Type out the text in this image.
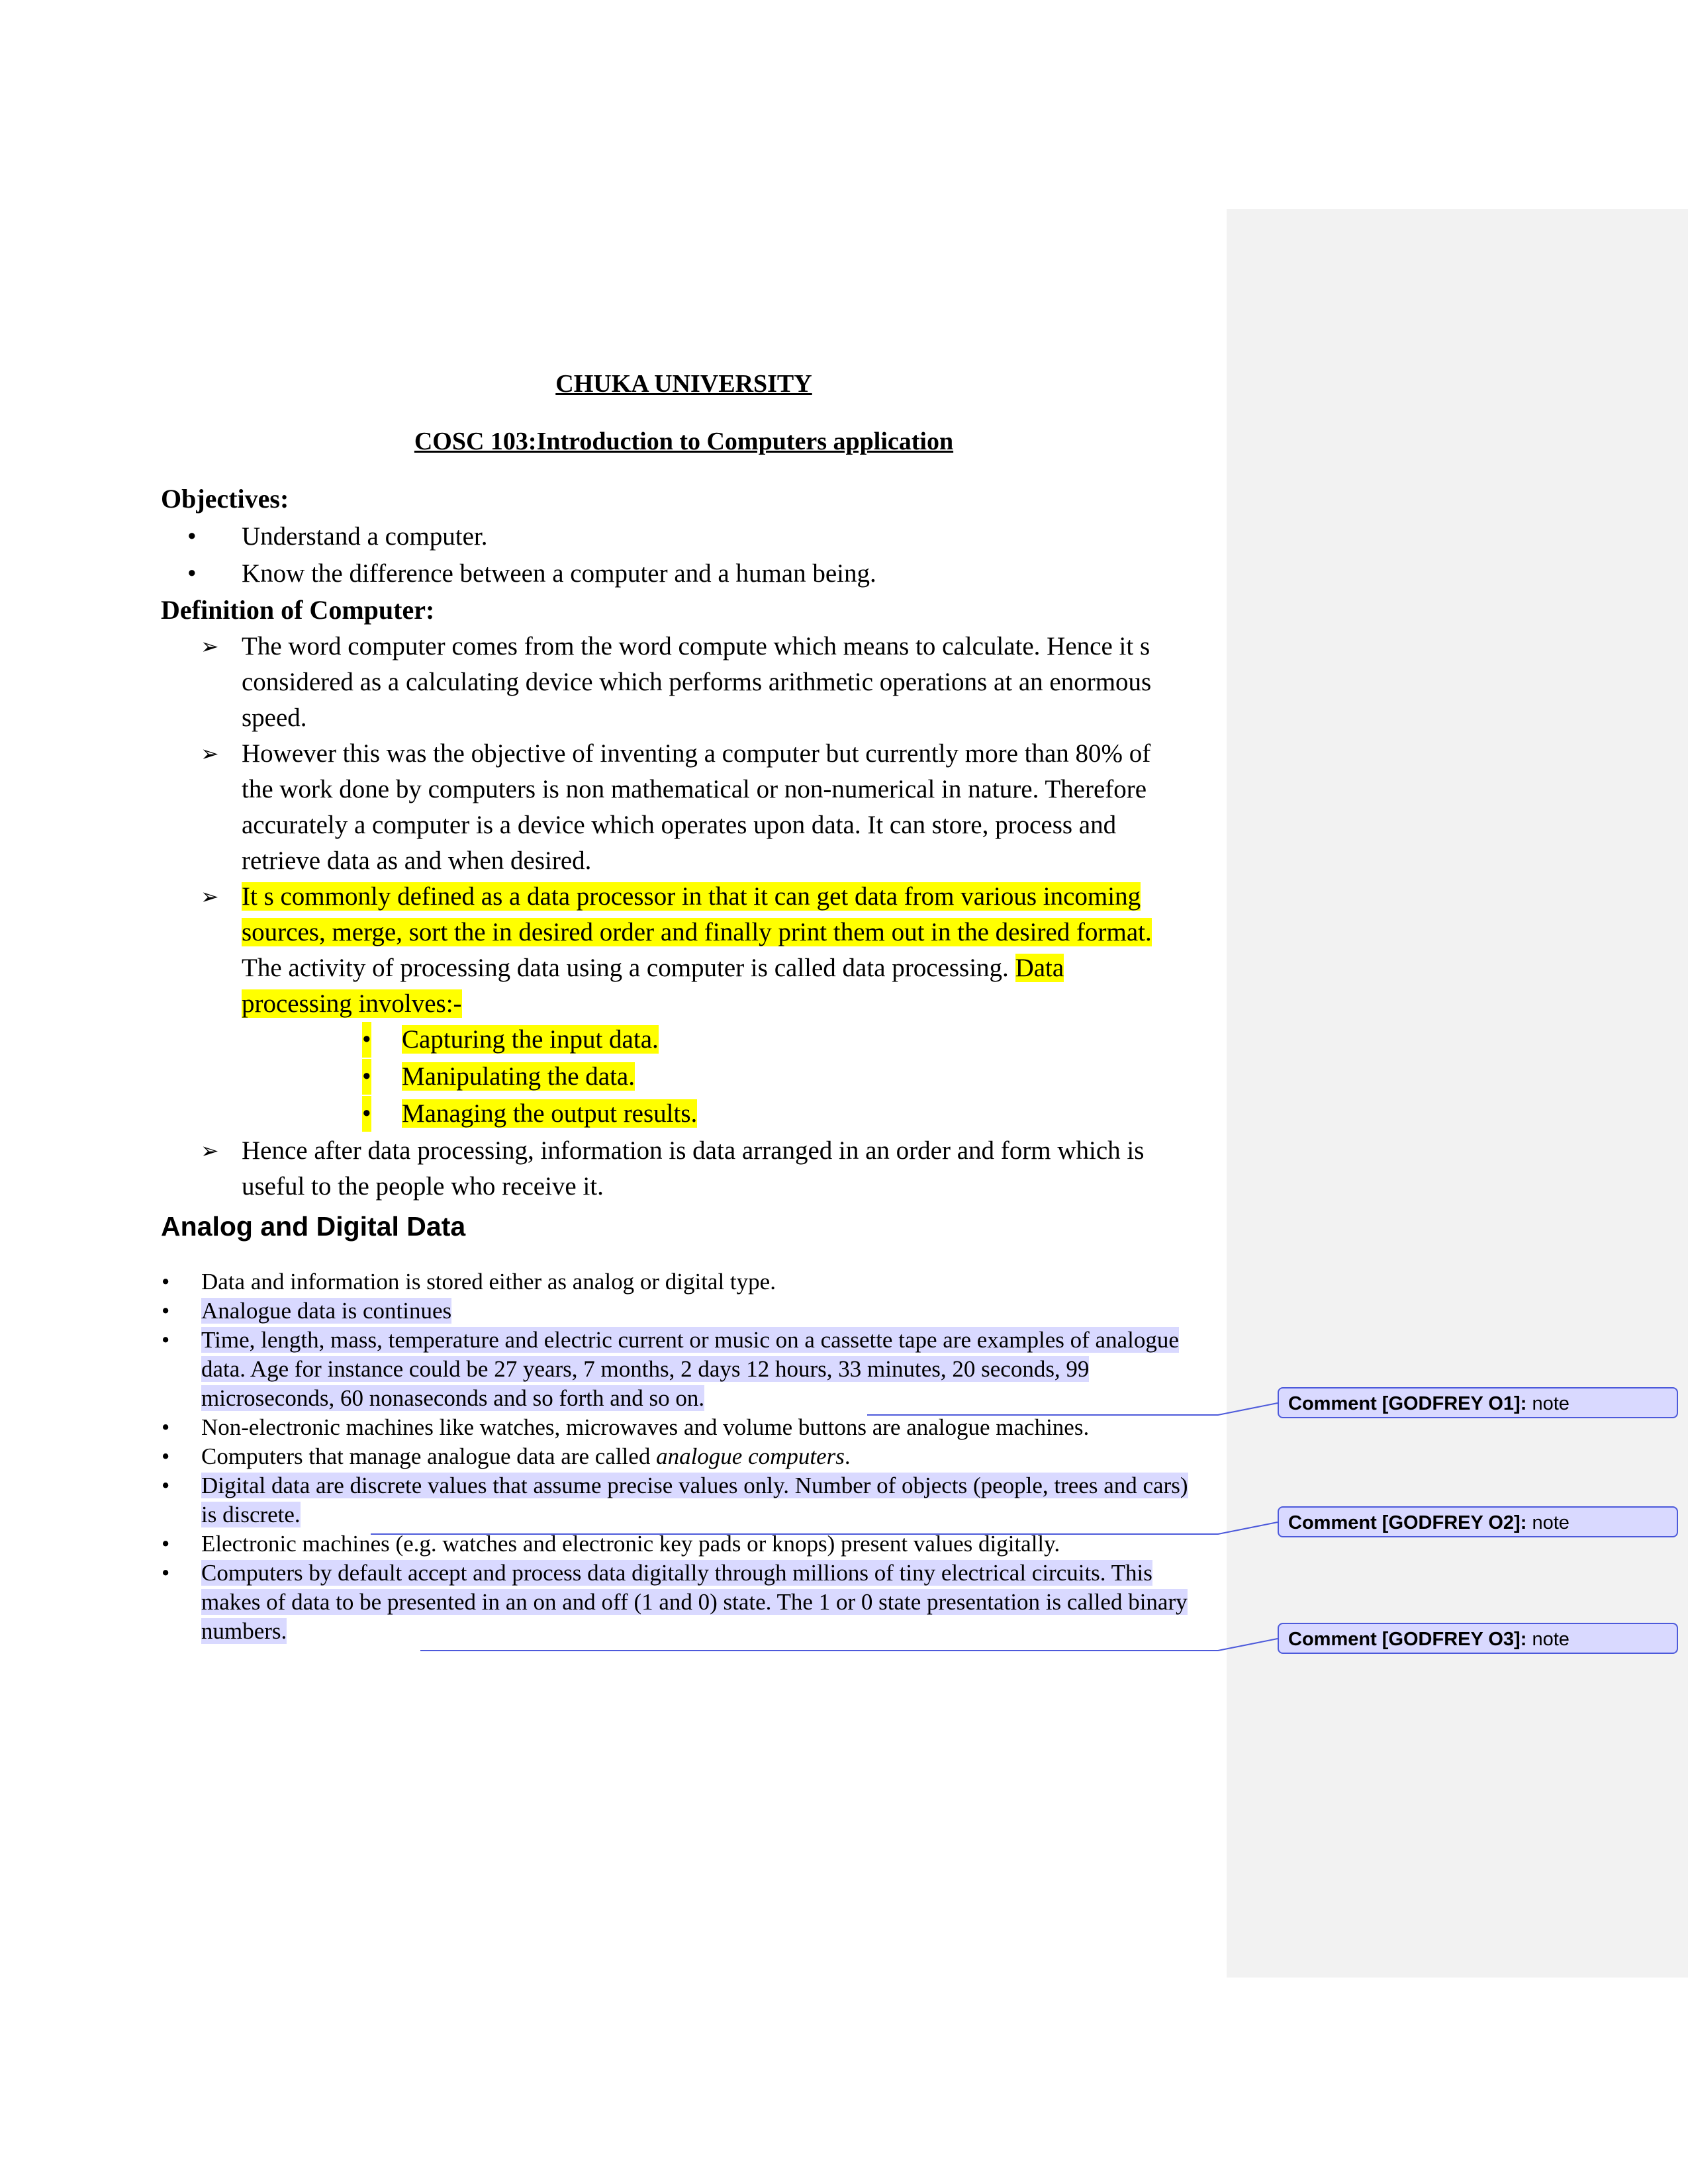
CHUKA UNIVERSITY

COSC 103:Introduction to Computers application

Objectives:

• Understand a computer.
• Know the difference between a computer and a human being.

Definition of Computer:

➢ The word computer comes from the word compute which means to calculate. Hence it s considered as a calculating device which performs arithmetic operations at an enormous speed.
➢ However this was the objective of inventing a computer but currently more than 80% of the work done by computers is non mathematical or non-numerical in nature. Therefore accurately a computer is a device which operates upon data. It can store, process and retrieve data as and when desired.
➢ It s commonly defined as a data processor in that it can get data from various incoming sources, merge, sort the in desired order and finally print them out in the desired format. The activity of processing data using a computer is called data processing. Data processing involves:-
• Capturing the input data.
• Manipulating the data.
• Managing the output results.
➢ Hence after data processing, information is data arranged in an order and form which is useful to the people who receive it.

Analog and Digital Data

• Data and information is stored either as analog or digital type.
• Analogue data is continues
• Time, length, mass, temperature and electric current or music on a cassette tape are examples of analogue data. Age for instance could be 27 years, 7 months, 2 days 12 hours, 33 minutes, 20 seconds, 99 microseconds, 60 nonaseconds and so forth and so on.
• Non-electronic machines like watches, microwaves and volume buttons are analogue machines.
• Computers that manage analogue data are called analogue computers.
• Digital data are discrete values that assume precise values only. Number of objects (people, trees and cars) is discrete.
• Electronic machines (e.g. watches and electronic key pads or knops) present values digitally.
• Computers by default accept and process data digitally through millions of tiny electrical circuits. This makes of data to be presented in an on and off (1 and 0) state. The 1 or 0 state presentation is called binary numbers.
Comment [GODFREY O1]: note
Comment [GODFREY O2]: note
Comment [GODFREY O3]: note
